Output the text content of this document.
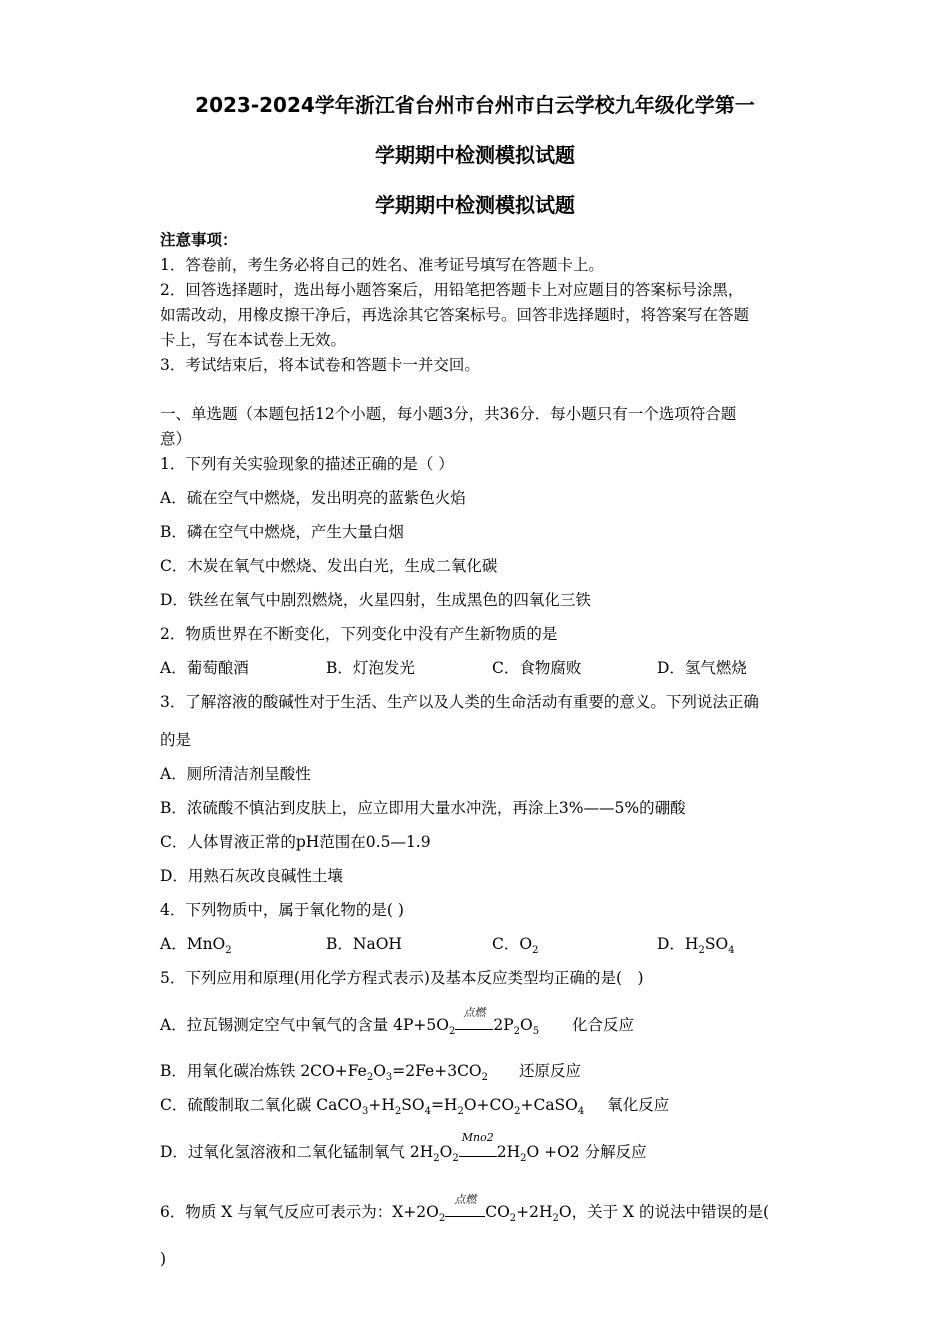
2023-2024学年浙江省台州市台州市白云学校九年级化学第一
学期期中检测模拟试题
学期期中检测模拟试题
注意事项：
1．答卷前，考生务必将自己的姓名、准考证号填写在答题卡上。
2．回答选择题时，选出每小题答案后，用铅笔把答题卡上对应题目的答案标号涂黑，
如需改动，用橡皮擦干净后，再选涂其它答案标号。回答非选择题时，将答案写在答题
卡上，写在本试卷上无效。
3．考试结束后，将本试卷和答题卡一并交回。
一、单选题（本题包括12个小题，每小题3分，共36分．每小题只有一个选项符合题
意）
1．下列有关实验现象的描述正确的是（ ）
A．硫在空气中燃烧，发出明亮的蓝紫色火焰
B．磷在空气中燃烧，产生大量白烟
C．木炭在氧气中燃烧、发出白光，生成二氧化碳
D．铁丝在氧气中剧烈燃烧，火星四射，生成黑色的四氧化三铁
2．物质世界在不断变化，下列变化中没有产生新物质的是
A．葡萄酿酒	B．灯泡发光	C．食物腐败	D．氢气燃烧
3．了解溶液的酸碱性对于生活、生产以及人类的生命活动有重要的意义。下列说法正确
的是
A．厕所清洁剂呈酸性
B．浓硫酸不慎沾到皮肤上，应立即用大量水冲洗，再涂上3%——5%的硼酸
C．人体胃液正常的pH范围在0.5—1.9
D．用熟石灰改良碱性土壤
4．下列物质中，属于氧化物的是( )
A．MnO$_2$	B．NaOH	C．$O_2$	D．$H_2SO_4$
5．下列应用和原理(用化学方程式表示)及基本反应类型均正确的是(　)
A．拉瓦锡测定空气中氧气的含量 $4P+5O_2$
点燃
$2P_2O_5$ 化合反应
B．用氧化碳冶炼铁 $2CO+Fe_2O_3=2Fe+3CO_2$ 还原反应
C．硫酸制取二氧化碳 $CaCO_3+H_2SO_4=H_2O+CO_2+CaSO_4$ 氧化反应
D．过氧化氢溶液和二氧化锰制氧气 $2H_2O_2$
Mno2
$2H_2O +O2$ 分解反应
6．物质 X 与氧气反应可表示为：$X+2O_2$
点燃
$CO_2+2H_2O$，关于 X 的说法中错误的是(
)
